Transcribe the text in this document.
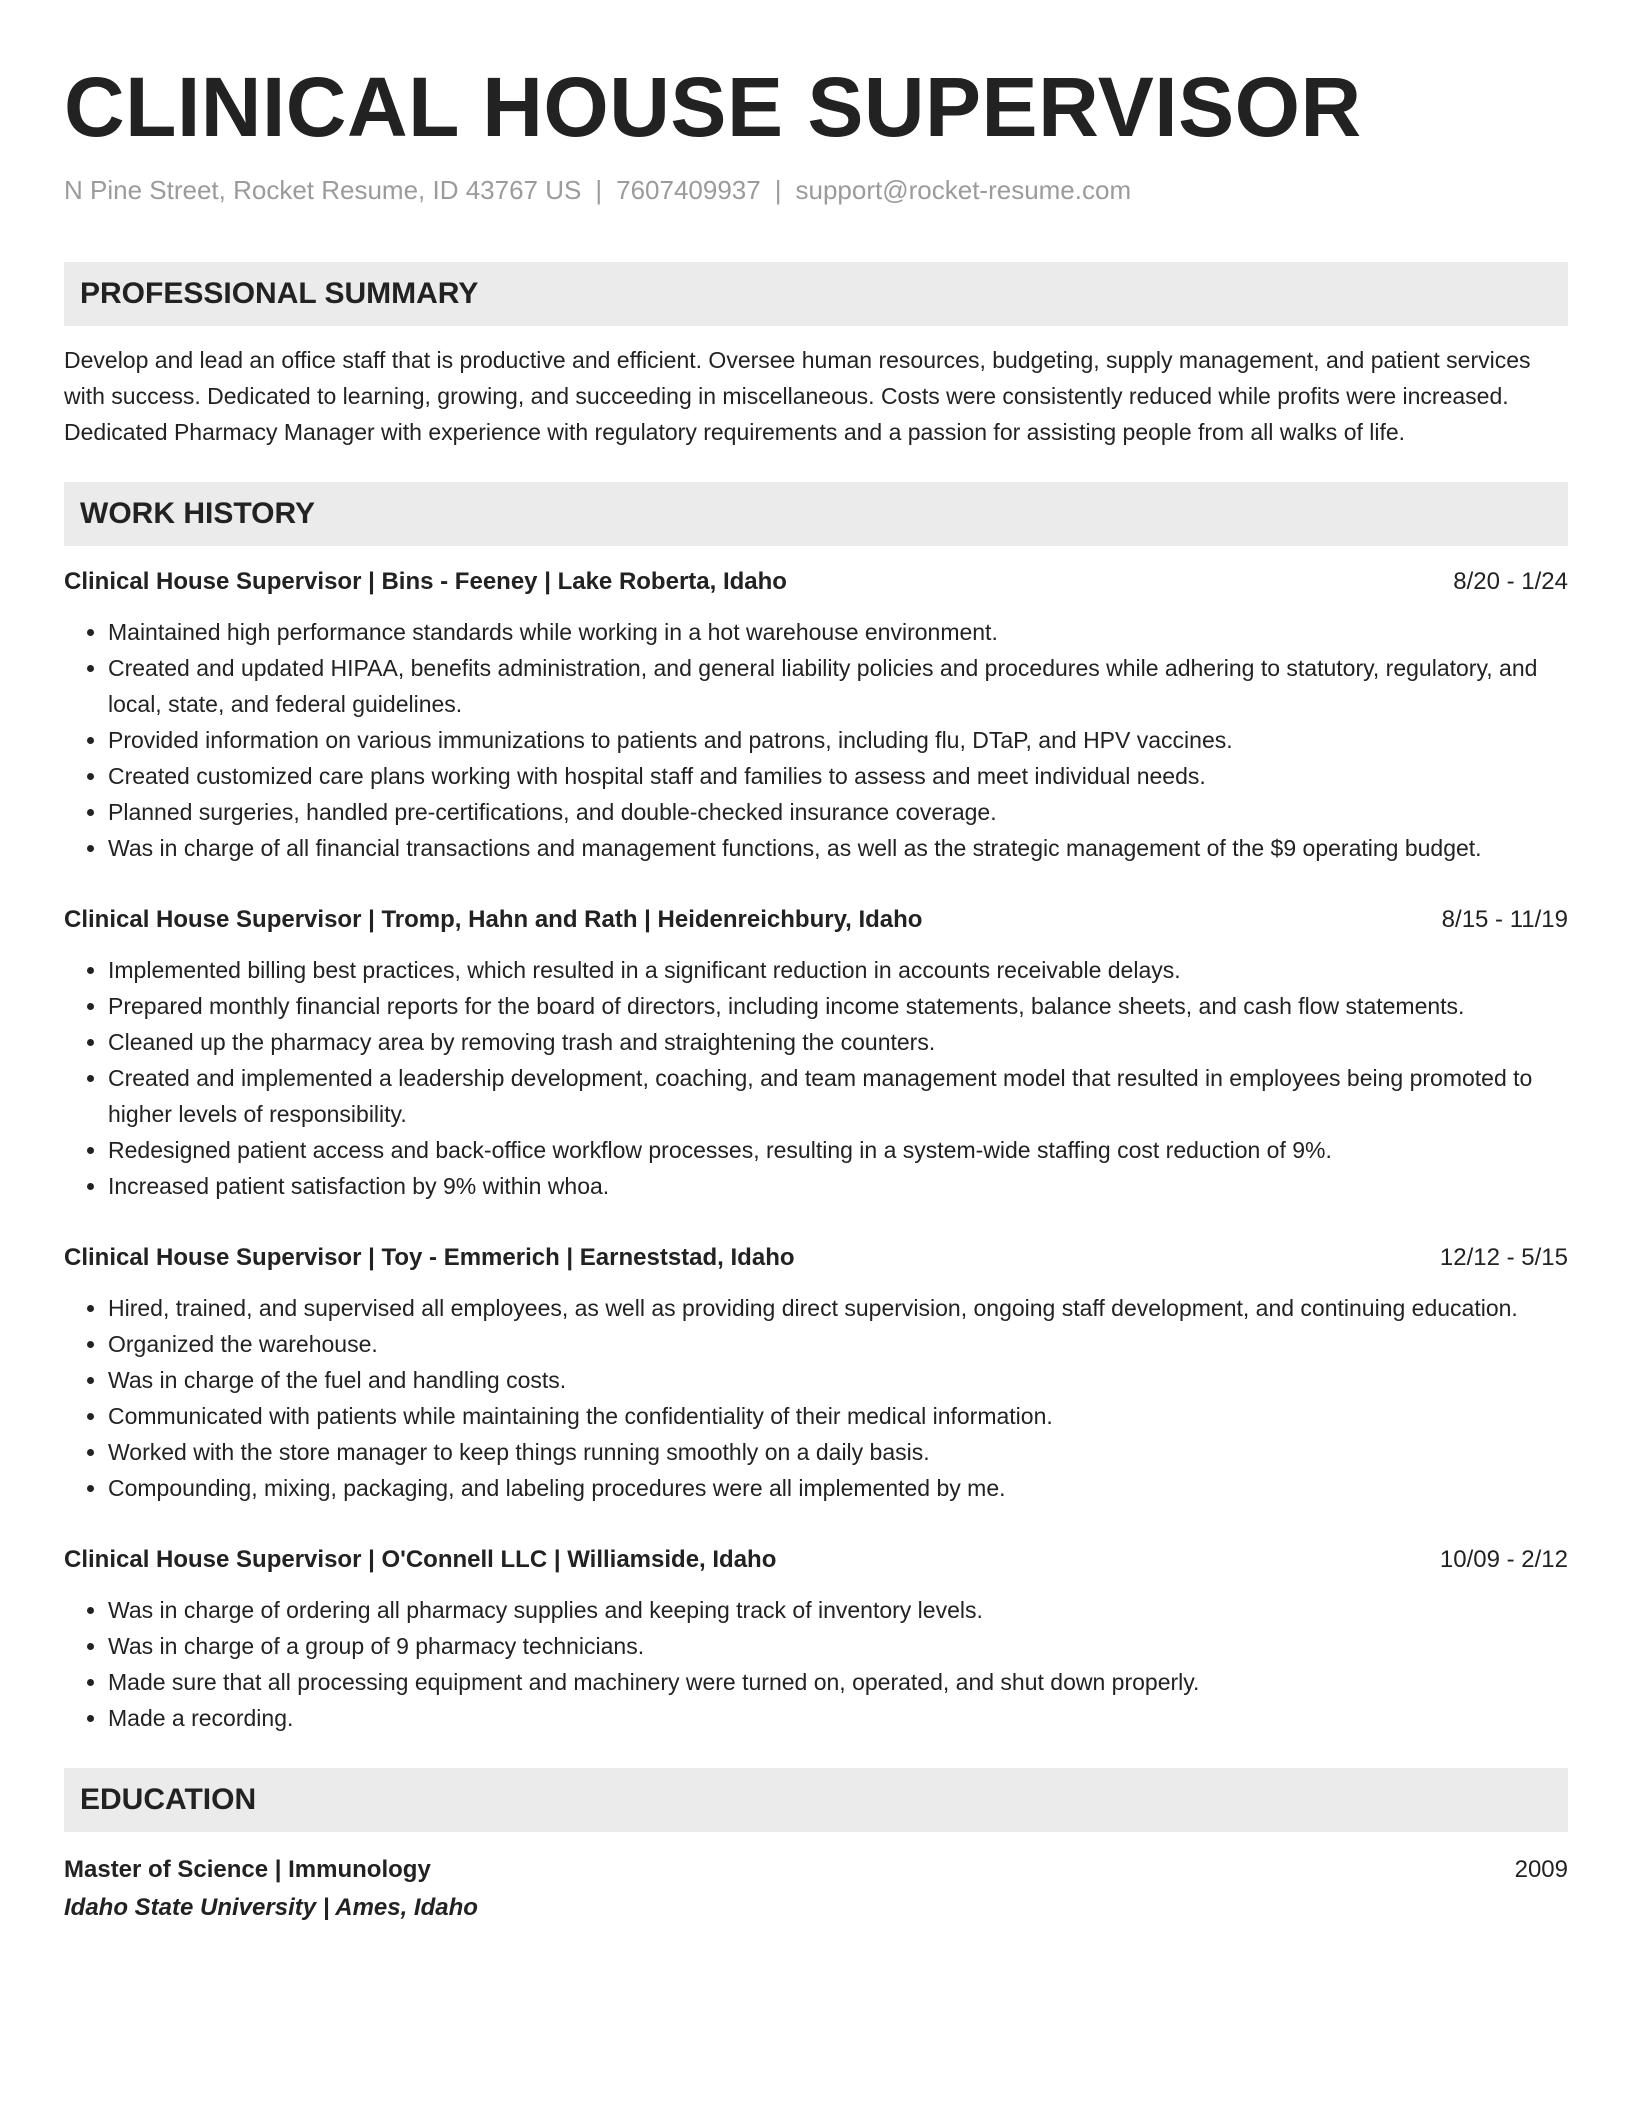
CLINICAL HOUSE SUPERVISOR
N Pine Street, Rocket Resume, ID 43767 US | 7607409937 | support@rocket-resume.com
PROFESSIONAL SUMMARY
Develop and lead an office staff that is productive and efficient. Oversee human resources, budgeting, supply management, and patient services with success. Dedicated to learning, growing, and succeeding in miscellaneous. Costs were consistently reduced while profits were increased. Dedicated Pharmacy Manager with experience with regulatory requirements and a passion for assisting people from all walks of life.
WORK HISTORY
Clinical House Supervisor | Bins - Feeney | Lake Roberta, Idaho	8/20 - 1/24
• Maintained high performance standards while working in a hot warehouse environment.
• Created and updated HIPAA, benefits administration, and general liability policies and procedures while adhering to statutory, regulatory, and local, state, and federal guidelines.
• Provided information on various immunizations to patients and patrons, including flu, DTaP, and HPV vaccines.
• Created customized care plans working with hospital staff and families to assess and meet individual needs.
• Planned surgeries, handled pre-certifications, and double-checked insurance coverage.
• Was in charge of all financial transactions and management functions, as well as the strategic management of the $9 operating budget.
Clinical House Supervisor | Tromp, Hahn and Rath | Heidenreichbury, Idaho	8/15 - 11/19
• Implemented billing best practices, which resulted in a significant reduction in accounts receivable delays.
• Prepared monthly financial reports for the board of directors, including income statements, balance sheets, and cash flow statements.
• Cleaned up the pharmacy area by removing trash and straightening the counters.
• Created and implemented a leadership development, coaching, and team management model that resulted in employees being promoted to higher levels of responsibility.
• Redesigned patient access and back-office workflow processes, resulting in a system-wide staffing cost reduction of 9%.
• Increased patient satisfaction by 9% within whoa.
Clinical House Supervisor | Toy - Emmerich | Earneststad, Idaho	12/12 - 5/15
• Hired, trained, and supervised all employees, as well as providing direct supervision, ongoing staff development, and continuing education.
• Organized the warehouse.
• Was in charge of the fuel and handling costs.
• Communicated with patients while maintaining the confidentiality of their medical information.
• Worked with the store manager to keep things running smoothly on a daily basis.
• Compounding, mixing, packaging, and labeling procedures were all implemented by me.
Clinical House Supervisor | O'Connell LLC | Williamside, Idaho	10/09 - 2/12
• Was in charge of ordering all pharmacy supplies and keeping track of inventory levels.
• Was in charge of a group of 9 pharmacy technicians.
• Made sure that all processing equipment and machinery were turned on, operated, and shut down properly.
• Made a recording.
EDUCATION
Master of Science | Immunology	2009
Idaho State University | Ames, Idaho
